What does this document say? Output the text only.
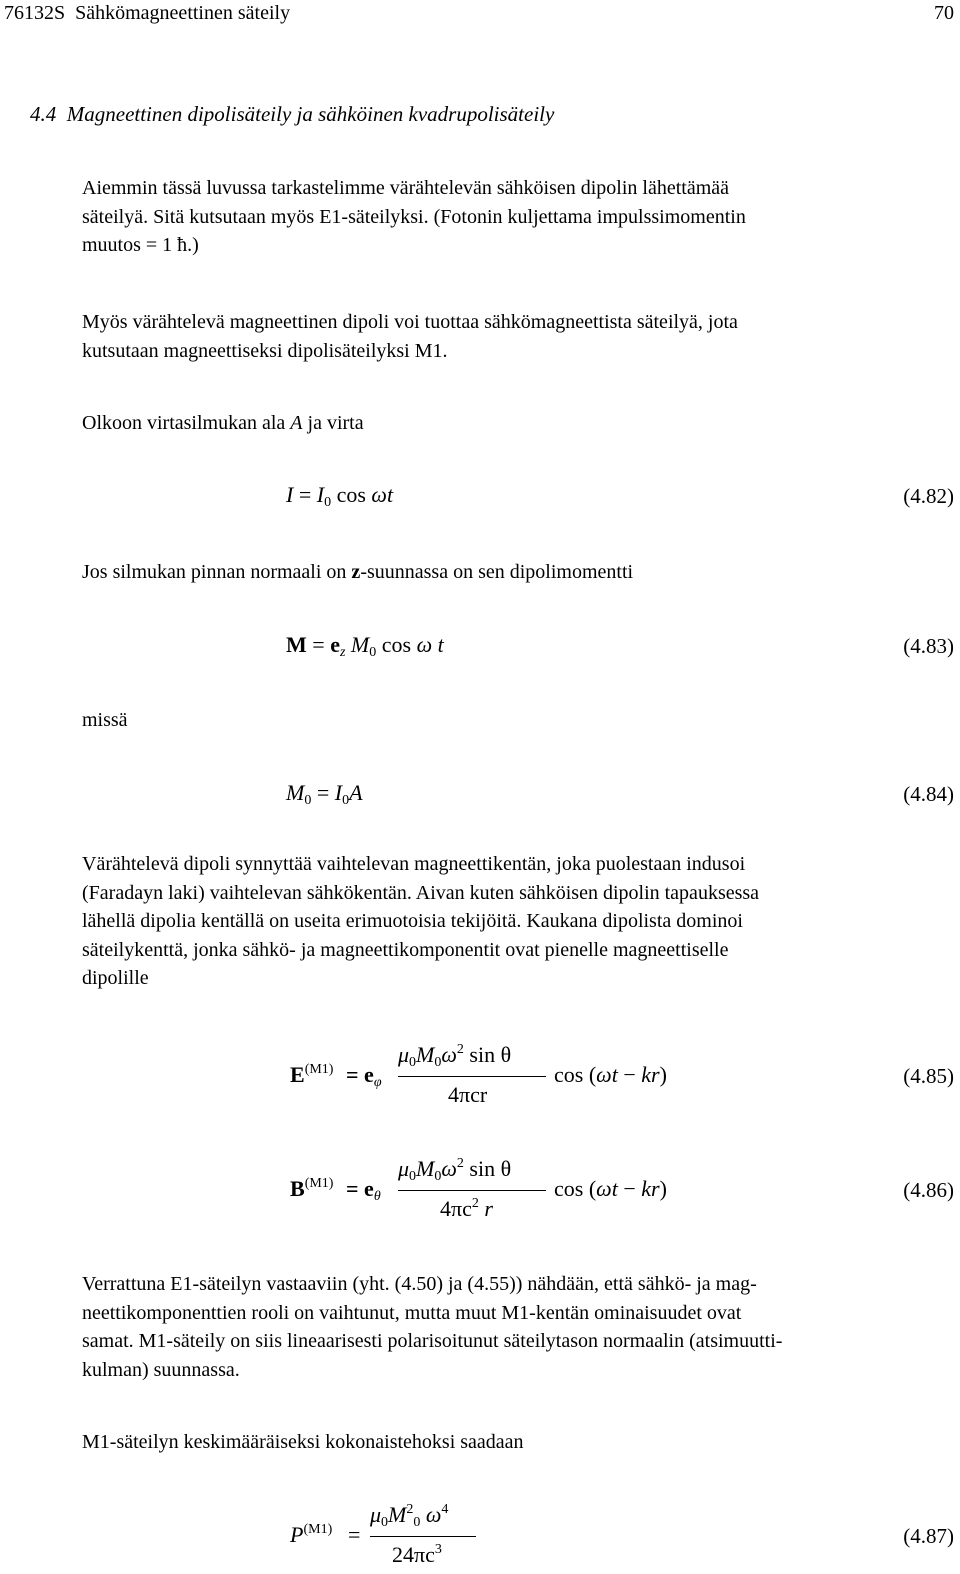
76132S Sähkömagneettinen säteily	70
4.4 Magneettinen dipolisäteily ja sähköinen kvadrupolisäteily
Aiemmin tässä luvussa tarkastelimme värähtelevän sähköisen dipolin lähettämää
säteilyä. Sitä kutsutaan myös E1-säteilyksi. (Fotonin kuljettama impulssimomentin
muutos = 1 ħ.)
Myös värähtelevä magneettinen dipoli voi tuottaa sähkömagneettista säteilyä, jota
kutsutaan magneettiseksi dipolisäteilyksi M1.
Olkoon virtasilmukan ala A ja virta
I = I0 cos ωt	(4.82)
Jos silmukan pinnan normaali on z-suunnassa on sen dipolimomentti
M = ez M0 cos ω t	(4.83)
missä
M0 = I0A	(4.84)
Värähtelevä dipoli synnyttää vaihtelevan magneettikentän, joka puolestaan indusoi
(Faradayn laki) vaihtelevan sähkökentän. Aivan kuten sähköisen dipolin tapauksessa
lähellä dipolia kentällä on useita erimuotoisia tekijöitä. Kaukana dipolista dominoi
säteilykenttä, jonka sähkö- ja magneettikomponentit ovat pienelle magneettiselle
dipolille
$E^{(M1)} = e\varphi$
$\mu 0M0\omega^2$ sin θ
4πcr
cos (ωt − kr)	(4.85)
$B^{(M1)} = e\theta$
$\mu 0M0\omega^2$ sin θ
$4\pi c^2$ r
cos (ωt − kr)	(4.86)
Verrattuna E1-säteilyn vastaaviin (yht. (4.50) ja (4.55)) nähdään, että sähkö- ja mag-
neettikomponenttien rooli on vaihtunut, mutta muut M1-kentän ominaisuudet ovat
samat. M1-säteily on siis lineaarisesti polarisoitunut säteilytason normaalin (atsimuutti-
kulman) suunnassa.
M1-säteilyn keskimääräiseksi kokonaistehoksi saadaan
$P^{(M1)}$ =
$\mu 0M^20$ $\omega^4$
$24\pi c^3$
(4.87)
